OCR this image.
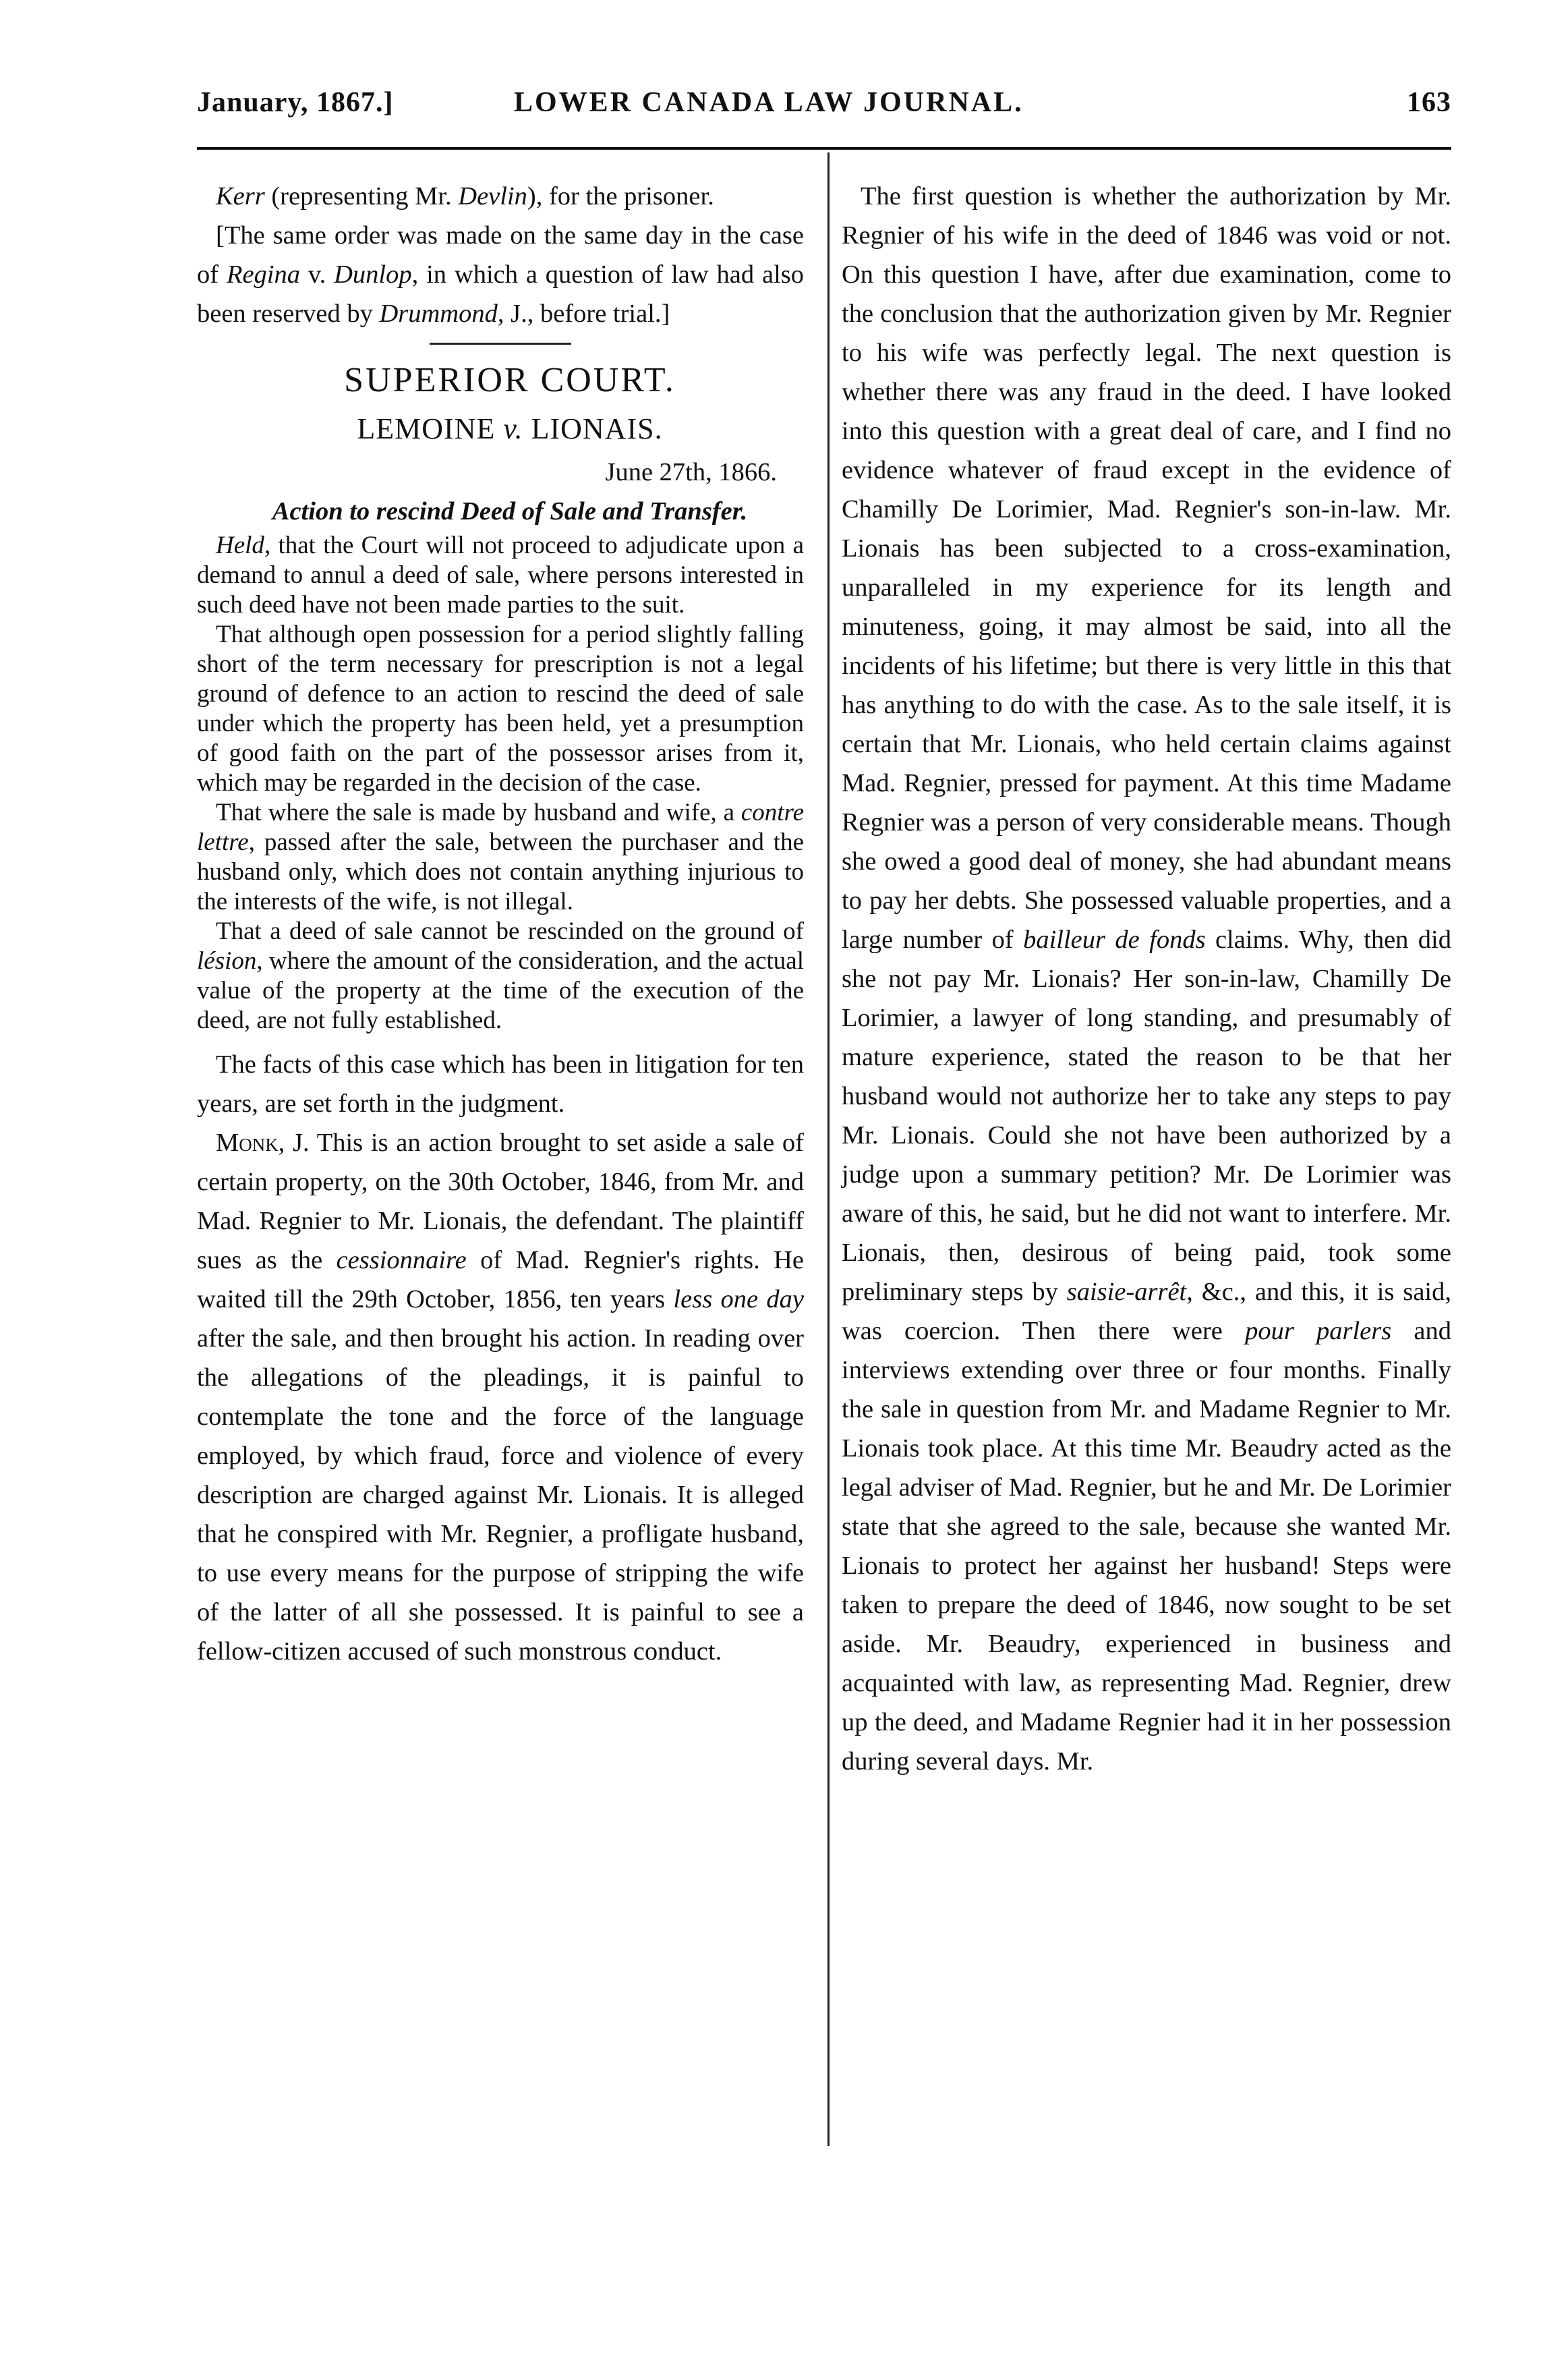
January, 1867.]	LOWER CANADA LAW JOURNAL.	163

Kerr (representing Mr. Devlin), for the prisoner.

[The same order was made on the same day in the case of Regina v. Dunlop, in which a question of law had also been reserved by Drummond, J., before trial.]

SUPERIOR COURT.

LEMOINE v. LIONAIS.

June 27th, 1866.

Action to rescind Deed of Sale and Transfer.

Held, that the Court will not proceed to adjudicate upon a demand to annul a deed of sale, where persons interested in such deed have not been made parties to the suit.

That although open possession for a period slightly falling short of the term necessary for prescription is not a legal ground of defence to an action to rescind the deed of sale under which the property has been held, yet a presumption of good faith on the part of the possessor arises from it, which may be regarded in the decision of the case.

That where the sale is made by husband and wife, a contre lettre, passed after the sale, between the purchaser and the husband only, which does not contain anything injurious to the interests of the wife, is not illegal.

That a deed of sale cannot be rescinded on the ground of lésion, where the amount of the consideration, and the actual value of the property at the time of the execution of the deed, are not fully established.

The facts of this case which has been in litigation for ten years, are set forth in the judgment.

Monk, J. This is an action brought to set aside a sale of certain property, on the 30th October, 1846, from Mr. and Mad. Regnier to Mr. Lionais, the defendant. The plaintiff sues as the cessionnaire of Mad. Regnier's rights. He waited till the 29th October, 1856, ten years less one day after the sale, and then brought his action. In reading over the allegations of the pleadings, it is painful to contemplate the tone and the force of the language employed, by which fraud, force and violence of every description are charged against Mr. Lionais. It is alleged that he conspired with Mr. Regnier, a profligate husband, to use every means for the purpose of stripping the wife of the latter of all she possessed. It is painful to see a fellow-citizen accused of such monstrous conduct.

The first question is whether the authorization by Mr. Regnier of his wife in the deed of 1846 was void or not. On this question I have, after due examination, come to the conclusion that the authorization given by Mr. Regnier to his wife was perfectly legal. The next question is whether there was any fraud in the deed. I have looked into this question with a great deal of care, and I find no evidence whatever of fraud except in the evidence of Chamilly De Lorimier, Mad. Regnier's son-in-law. Mr. Lionais has been subjected to a cross-examination, unparalleled in my experience for its length and minuteness, going, it may almost be said, into all the incidents of his lifetime; but there is very little in this that has anything to do with the case. As to the sale itself, it is certain that Mr. Lionais, who held certain claims against Mad. Regnier, pressed for payment. At this time Madame Regnier was a person of very considerable means. Though she owed a good deal of money, she had abundant means to pay her debts. She possessed valuable properties, and a large number of bailleur de fonds claims. Why, then did she not pay Mr. Lionais? Her son-in-law, Chamilly De Lorimier, a lawyer of long standing, and presumably of mature experience, stated the reason to be that her husband would not authorize her to take any steps to pay Mr. Lionais. Could she not have been authorized by a judge upon a summary petition? Mr. De Lorimier was aware of this, he said, but he did not want to interfere. Mr. Lionais, then, desirous of being paid, took some preliminary steps by saisie-arrêt, &c., and this, it is said, was coercion. Then there were pour parlers and interviews extending over three or four months. Finally the sale in question from Mr. and Madame Regnier to Mr. Lionais took place. At this time Mr. Beaudry acted as the legal adviser of Mad. Regnier, but he and Mr. De Lorimier state that she agreed to the sale, because she wanted Mr. Lionais to protect her against her husband! Steps were taken to prepare the deed of 1846, now sought to be set aside. Mr. Beaudry, experienced in business and acquainted with law, as representing Mad. Regnier, drew up the deed, and Madame Regnier had it in her possession during several days. Mr.
